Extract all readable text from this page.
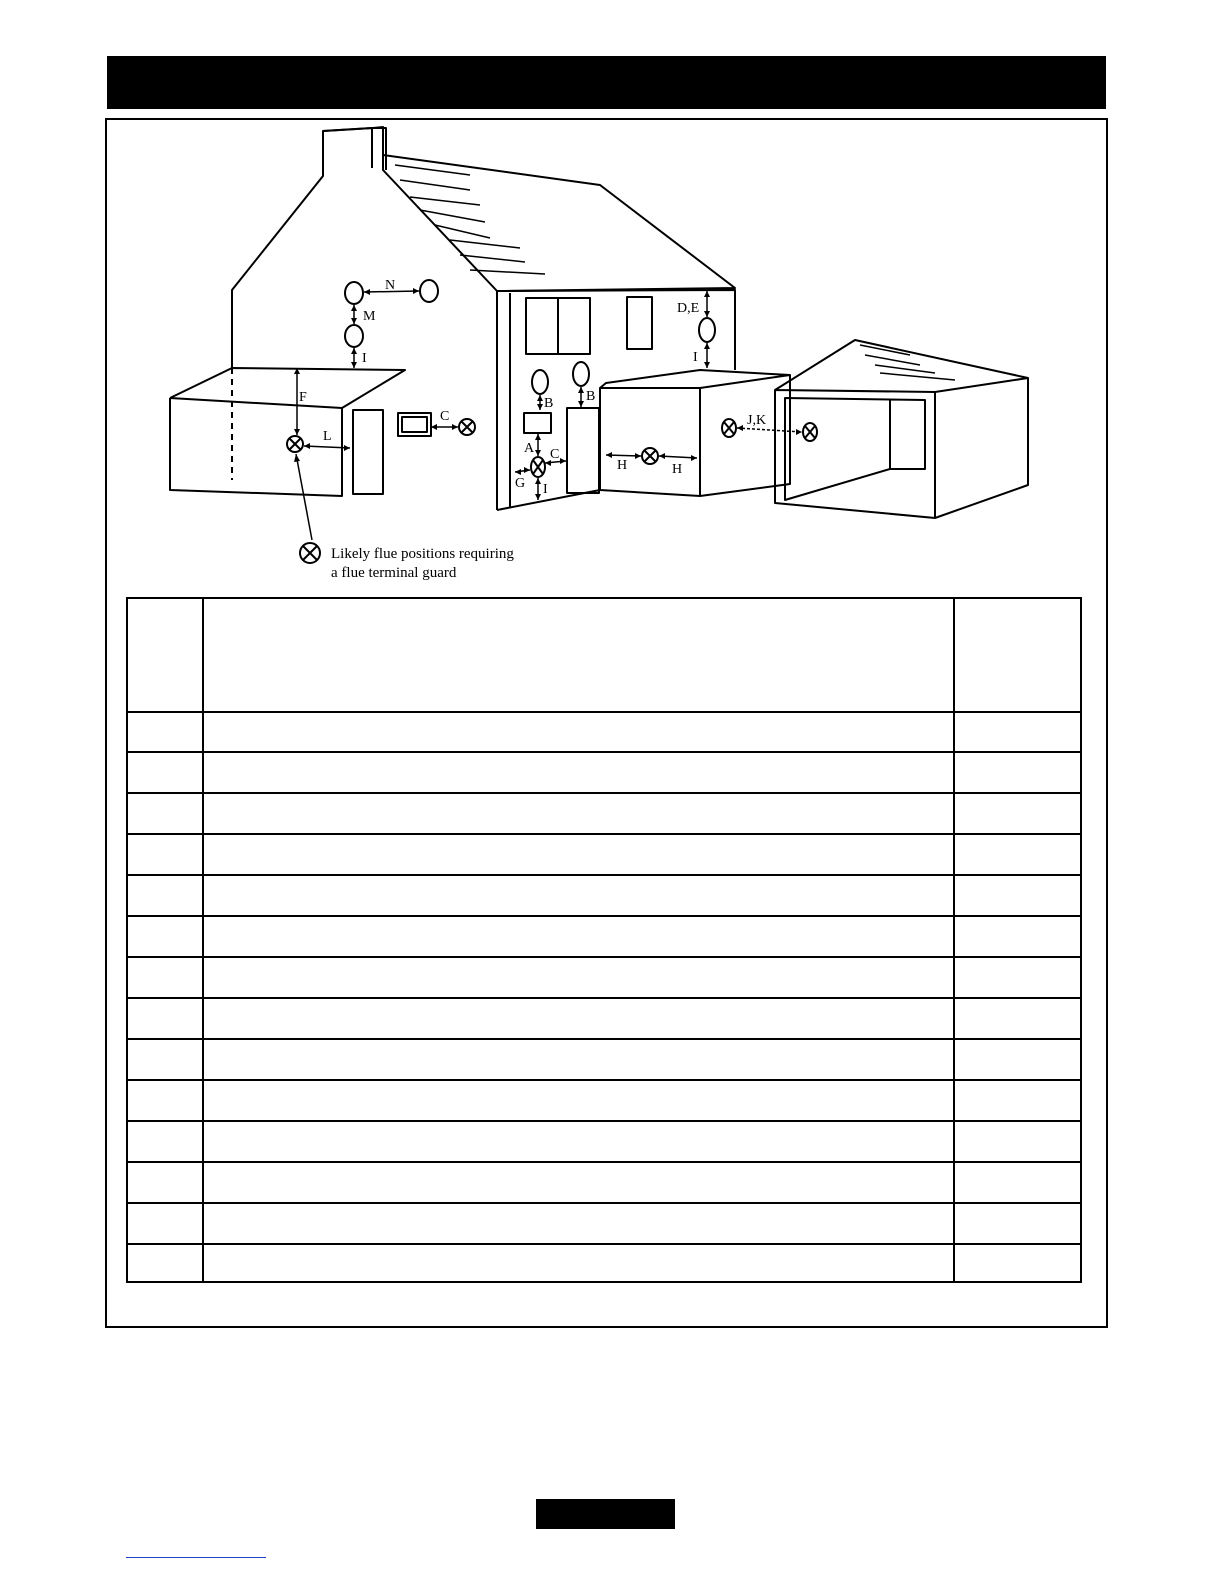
N
M
I
F
L
C
B B
A C
G I
D,E
I
H	H
J,K
Likely flue positions requiring
a flue terminal guard
